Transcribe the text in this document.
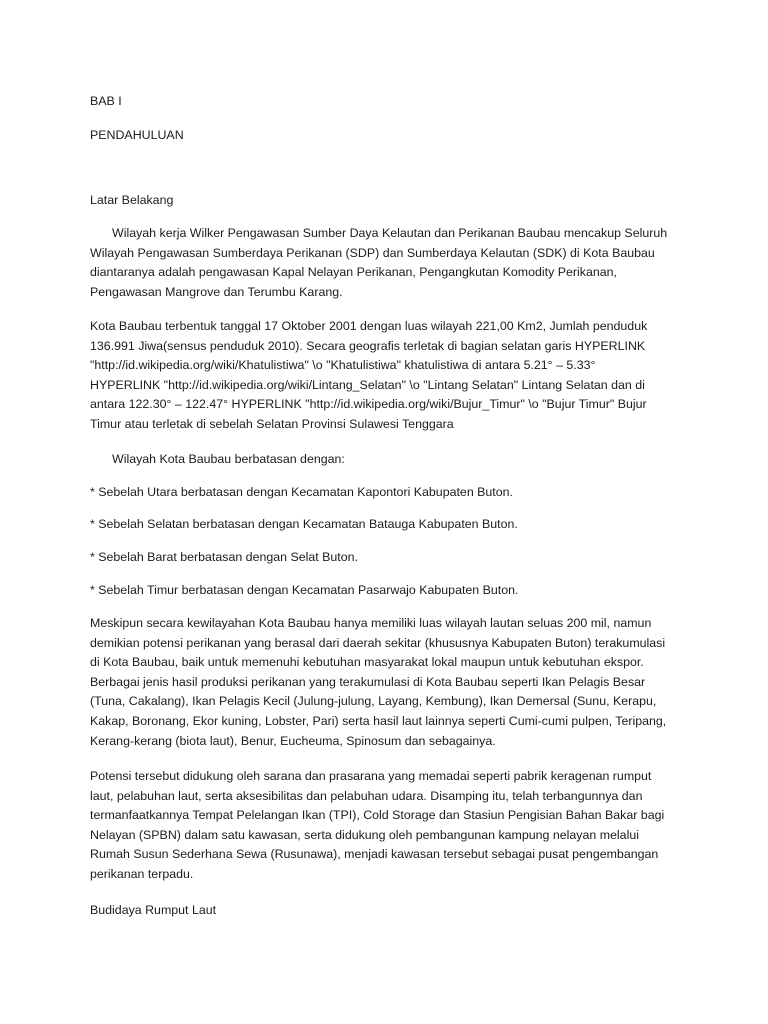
BAB I
PENDAHULUAN
Latar Belakang
Wilayah kerja Wilker Pengawasan Sumber Daya Kelautan dan Perikanan Baubau mencakup Seluruh
Wilayah Pengawasan Sumberdaya Perikanan (SDP) dan Sumberdaya Kelautan (SDK) di Kota Baubau
diantaranya adalah pengawasan Kapal Nelayan Perikanan, Pengangkutan Komodity Perikanan,
Pengawasan Mangrove dan Terumbu Karang.
Kota Baubau terbentuk tanggal 17 Oktober 2001 dengan luas wilayah 221,00 Km2, Jumlah penduduk
136.991 Jiwa(sensus penduduk 2010). Secara geografis terletak di bagian selatan garis HYPERLINK
"http://id.wikipedia.org/wiki/Khatulistiwa" \o "Khatulistiwa" khatulistiwa di antara 5.21° – 5.33°
HYPERLINK "http://id.wikipedia.org/wiki/Lintang_Selatan" \o "Lintang Selatan" Lintang Selatan dan di
antara 122.30° – 122.47° HYPERLINK "http://id.wikipedia.org/wiki/Bujur_Timur" \o "Bujur Timur" Bujur
Timur atau terletak di sebelah Selatan Provinsi Sulawesi Tenggara
Wilayah Kota Baubau berbatasan dengan:
* Sebelah Utara berbatasan dengan Kecamatan Kapontori Kabupaten Buton.
* Sebelah Selatan berbatasan dengan Kecamatan Batauga Kabupaten Buton.
* Sebelah Barat berbatasan dengan Selat Buton.
* Sebelah Timur berbatasan dengan Kecamatan Pasarwajo Kabupaten Buton.
Meskipun secara kewilayahan Kota Baubau hanya memiliki luas wilayah lautan seluas 200 mil, namun
demikian potensi perikanan yang berasal dari daerah sekitar (khususnya Kabupaten Buton) terakumulasi
di Kota Baubau, baik untuk memenuhi kebutuhan masyarakat lokal maupun untuk kebutuhan ekspor.
Berbagai jenis hasil produksi perikanan yang terakumulasi di Kota Baubau seperti Ikan Pelagis Besar
(Tuna, Cakalang), Ikan Pelagis Kecil (Julung-julung, Layang, Kembung), Ikan Demersal (Sunu, Kerapu,
Kakap, Boronang, Ekor kuning, Lobster, Pari) serta hasil laut lainnya seperti Cumi-cumi pulpen, Teripang,
Kerang-kerang (biota laut), Benur, Eucheuma, Spinosum dan sebagainya.
Potensi tersebut didukung oleh sarana dan prasarana yang memadai seperti pabrik keragenan rumput
laut, pelabuhan laut, serta aksesibilitas dan pelabuhan udara. Disamping itu, telah terbangunnya dan
termanfaatkannya Tempat Pelelangan Ikan (TPI), Cold Storage dan Stasiun Pengisian Bahan Bakar bagi
Nelayan (SPBN) dalam satu kawasan, serta didukung oleh pembangunan kampung nelayan melalui
Rumah Susun Sederhana Sewa (Rusunawa), menjadi kawasan tersebut sebagai pusat pengembangan
perikanan terpadu.
Budidaya Rumput Laut
